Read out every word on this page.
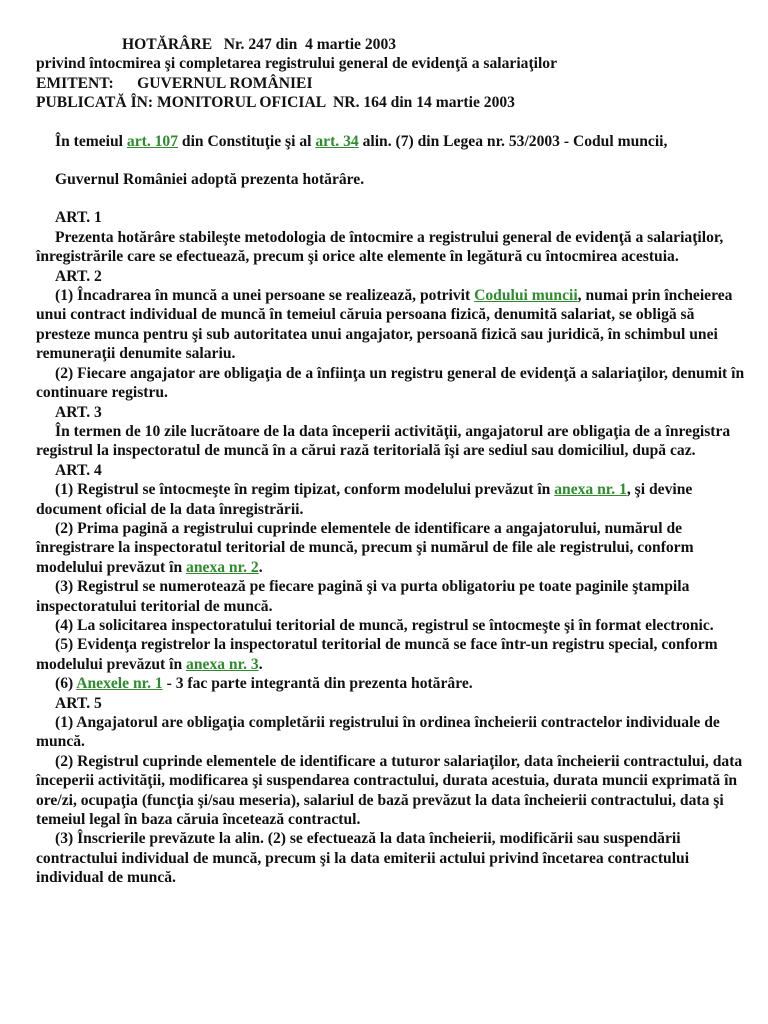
HOTĂRÂRE   Nr. 247 din  4 martie 2003

privind întocmirea şi completarea registrului general de evidenţă a salariaţilor

EMITENT: GUVERNUL ROMÂNIEI

PUBLICATĂ ÎN: MONITORUL OFICIAL  NR. 164 din 14 martie 2003

În temeiul art. 107 din Constituţie şi al art. 34 alin. (7) din Legea nr. 53/2003 - Codul muncii,

Guvernul României adoptă prezenta hotărâre.

ART. 1

Prezenta hotărâre stabileşte metodologia de întocmire a registrului general de evidenţă a salariaţilor, înregistrările care se efectuează, precum şi orice alte elemente în legătură cu întocmirea acestuia.

ART. 2

(1) Încadrarea în muncă a unei persoane se realizează, potrivit Codului muncii, numai prin încheierea unui contract individual de muncă în temeiul căruia persoana fizică, denumită salariat, se obligă să presteze munca pentru şi sub autoritatea unui angajator, persoană fizică sau juridică, în schimbul unei remuneraţii denumite salariu.

(2) Fiecare angajator are obligaţia de a înfiinţa un registru general de evidenţă a salariaţilor, denumit în continuare registru.

ART. 3

În termen de 10 zile lucrătoare de la data începerii activităţii, angajatorul are obligaţia de a înregistra registrul la inspectoratul de muncă în a cărui rază teritorială îşi are sediul sau domiciliul, după caz.

ART. 4

(1) Registrul se întocmeşte în regim tipizat, conform modelului prevăzut în anexa nr. 1, şi devine document oficial de la data înregistrării.

(2) Prima pagină a registrului cuprinde elementele de identificare a angajatorului, numărul de înregistrare la inspectoratul teritorial de muncă, precum şi numărul de file ale registrului, conform modelului prevăzut în anexa nr. 2.

(3) Registrul se numerotează pe fiecare pagină şi va purta obligatoriu pe toate paginile ştampila inspectoratului teritorial de muncă.

(4) La solicitarea inspectoratului teritorial de muncă, registrul se întocmeşte şi în format electronic.

(5) Evidenţa registrelor la inspectoratul teritorial de muncă se face într-un registru special, conform modelului prevăzut în anexa nr. 3.

(6) Anexele nr. 1 - 3 fac parte integrantă din prezenta hotărâre.

ART. 5

(1) Angajatorul are obligaţia completării registrului în ordinea încheierii contractelor individuale de muncă.

(2) Registrul cuprinde elementele de identificare a tuturor salariaţilor, data încheierii contractului, data începerii activităţii, modificarea şi suspendarea contractului, durata acestuia, durata muncii exprimată în ore/zi, ocupaţia (funcţia şi/sau meseria), salariul de bază prevăzut la data încheierii contractului, data şi temeiul legal în baza căruia încetează contractul.

(3) Înscrierile prevăzute la alin. (2) se efectuează la data încheierii, modificării sau suspendării contractului individual de muncă, precum şi la data emiterii actului privind încetarea contractului individual de muncă.
